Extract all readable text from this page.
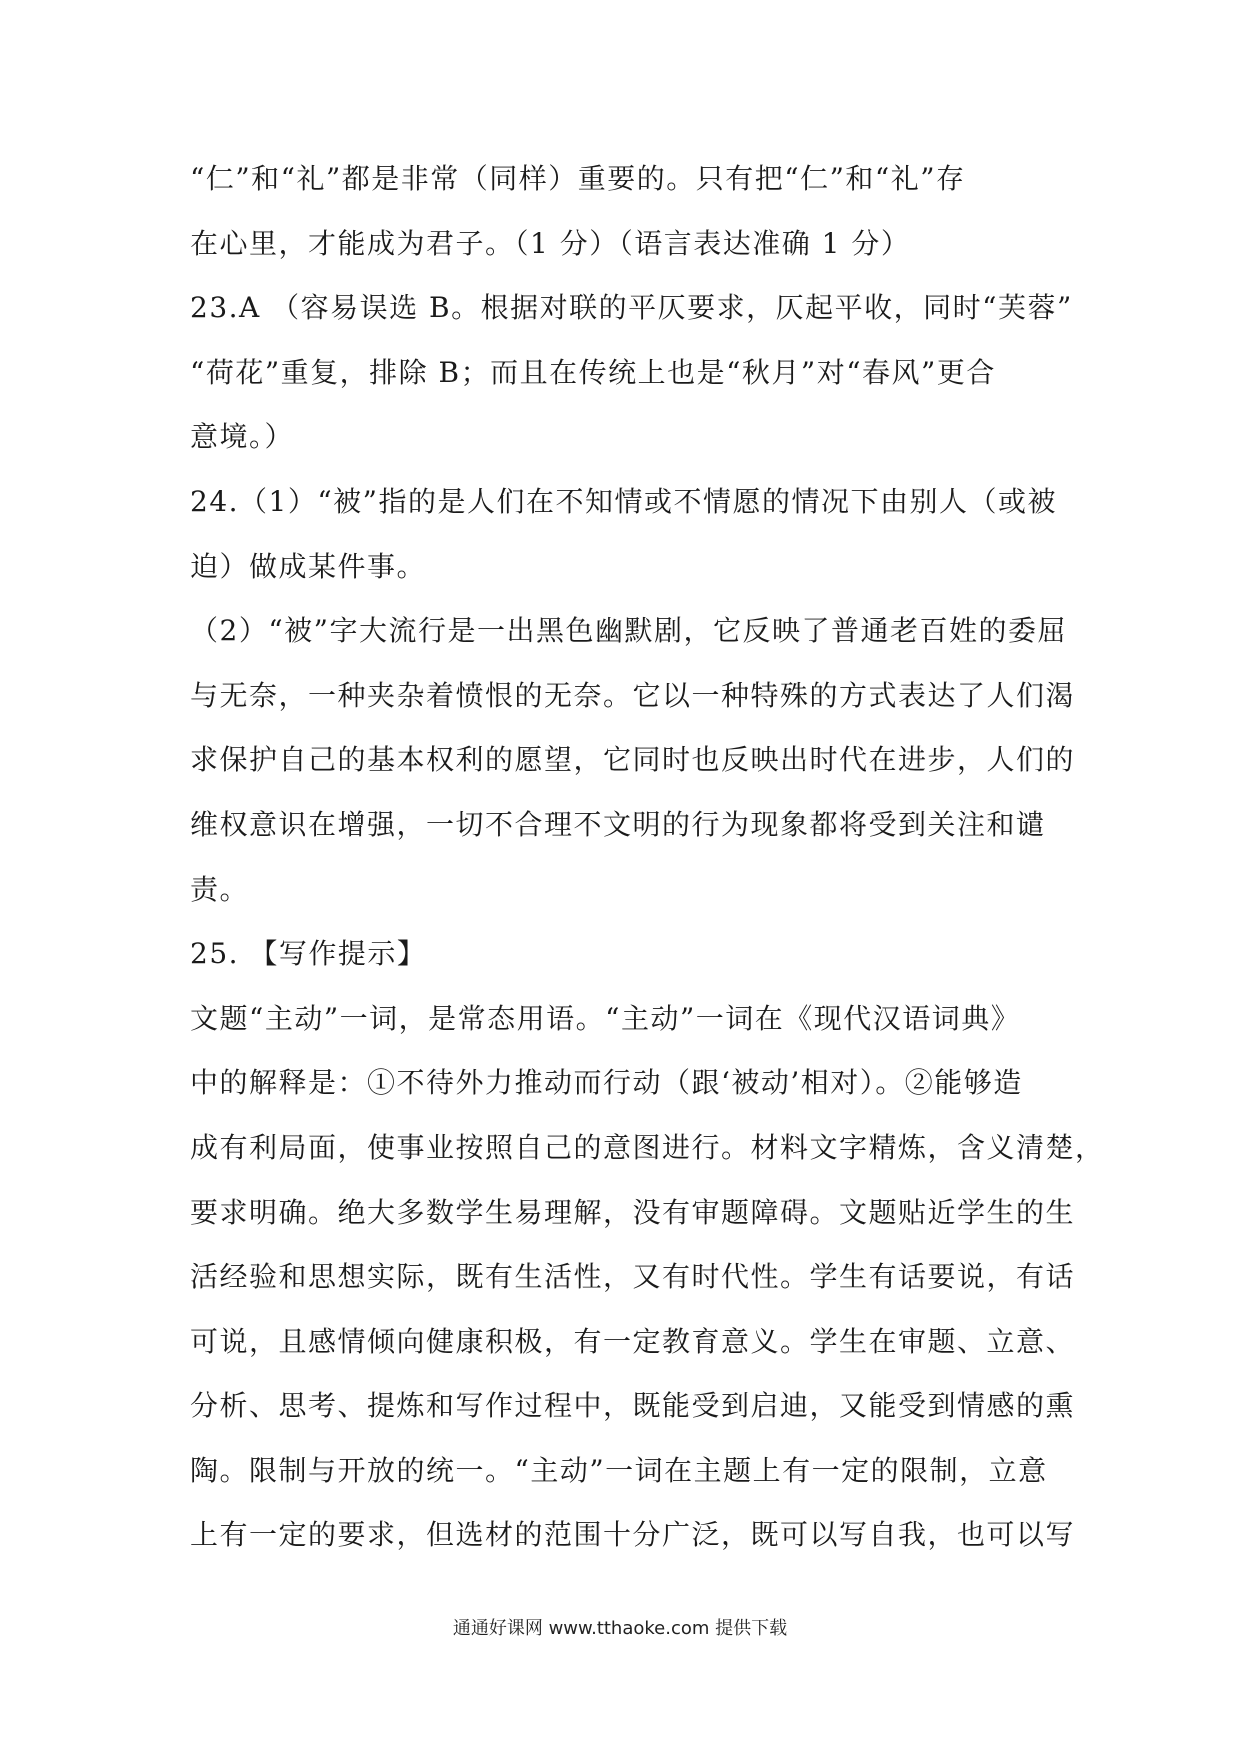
“仁”和“礼”都是非常（同样）重要的。只有把“仁”和“礼”存
在心里，才能成为君子。（1 分）（语言表达准确 1 分）
23.A （容易误选 B。根据对联的平仄要求，仄起平收，同时“芙蓉”
“荷花”重复，排除 B；而且在传统上也是“秋月”对“春风”更合
意境。）
24.（1）“被”指的是人们在不知情或不情愿的情况下由别人（或被
迫）做成某件事。
（2）“被”字大流行是一出黑色幽默剧，它反映了普通老百姓的委屈
与无奈，一种夹杂着愤恨的无奈。它以一种特殊的方式表达了人们渴
求保护自己的基本权利的愿望，它同时也反映出时代在进步，人们的
维权意识在增强，一切不合理不文明的行为现象都将受到关注和谴
责。
25. 【写作提示】
文题“主动”一词，是常态用语。“主动”一词在《现代汉语词典》
中的解释是：①不待外力推动而行动（跟‘被动’相对）。②能够造
成有利局面，使事业按照自己的意图进行。材料文字精炼，含义清楚，
要求明确。绝大多数学生易理解，没有审题障碍。文题贴近学生的生
活经验和思想实际，既有生活性，又有时代性。学生有话要说，有话
可说，且感情倾向健康积极，有一定教育意义。学生在审题、立意、
分析、思考、提炼和写作过程中，既能受到启迪，又能受到情感的熏
陶。限制与开放的统一。“主动”一词在主题上有一定的限制，立意
上有一定的要求，但选材的范围十分广泛，既可以写自我，也可以写
通通好课网 www.tthaoke.com 提供下载
